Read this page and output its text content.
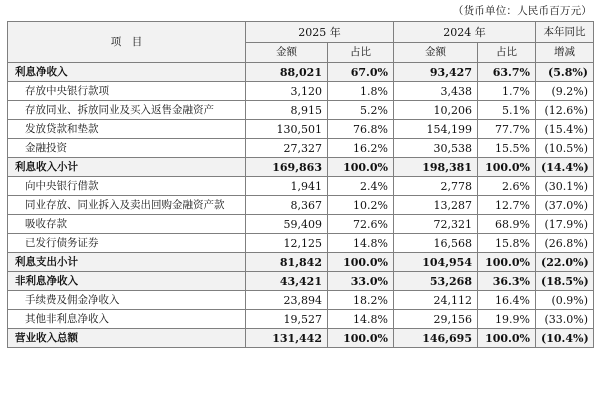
（货币单位：人民币百万元）
项　目	2025 年		2024 年		本年同比
	金额	占比	金额	占比	增减
利息净收入	88,021	67.0%	93,427	63.7%	(5.8%)
存放中央银行款项	3,120	1.8%	3,438	1.7%	(9.2%)
存放同业、拆放同业及买入返售金融资产	8,915	5.2%	10,206	5.1%	(12.6%)
发放贷款和垫款	130,501	76.8%	154,199	77.7%	(15.4%)
金融投资	27,327	16.2%	30,538	15.5%	(10.5%)
利息收入小计	169,863	100.0%	198,381	100.0%	(14.4%)
向中央银行借款	1,941	2.4%	2,778	2.6%	(30.1%)
同业存放、同业拆入及卖出回购金融资产款	8,367	10.2%	13,287	12.7%	(37.0%)
吸收存款	59,409	72.6%	72,321	68.9%	(17.9%)
已发行债务证券	12,125	14.8%	16,568	15.8%	(26.8%)
利息支出小计	81,842	100.0%	104,954	100.0%	(22.0%)
非利息净收入	43,421	33.0%	53,268	36.3%	(18.5%)
手续费及佣金净收入	23,894	18.2%	24,112	16.4%	(0.9%)
其他非利息净收入	19,527	14.8%	29,156	19.9%	(33.0%)
营业收入总额	131,442	100.0%	146,695	100.0%	(10.4%)
